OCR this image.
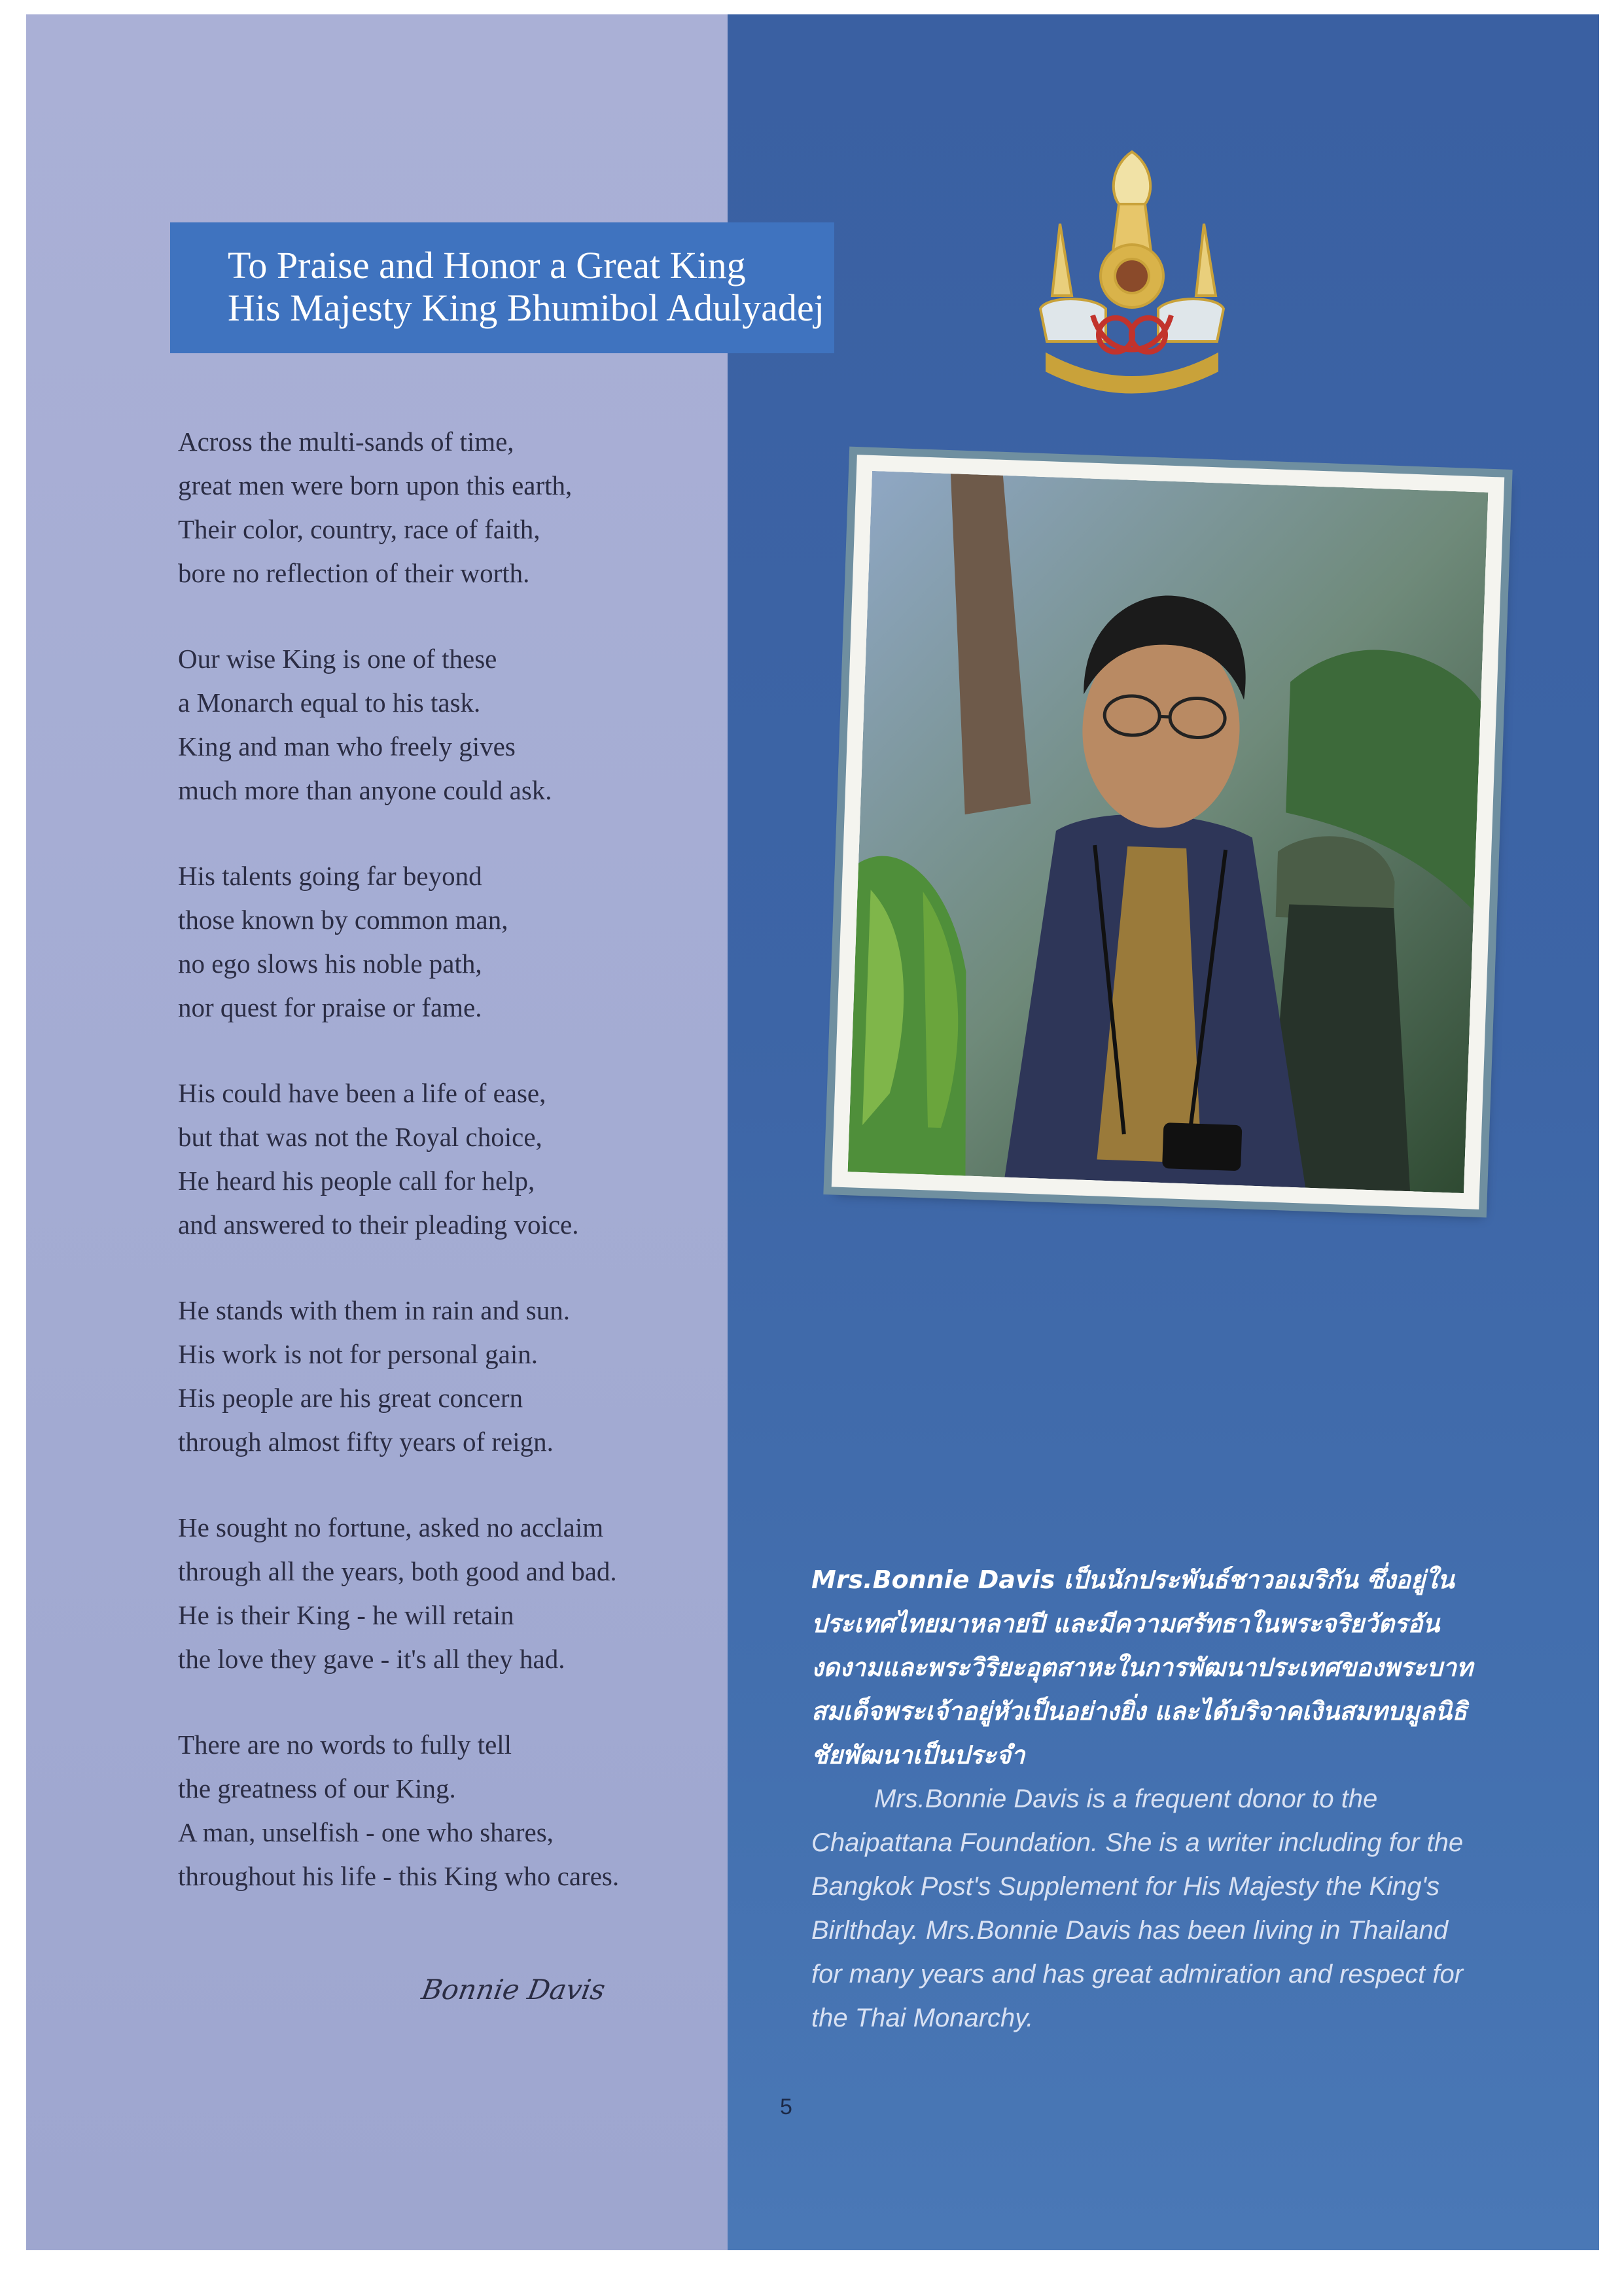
To Praise and Honor a Great King
His Majesty King Bhumibol Adulyadej
Across the multi-sands of time,
great men were born upon this earth,
Their color, country, race of faith,
bore no reflection of their worth.
Our wise King is one of these
a Monarch equal to his task.
King and man who freely gives
much more than anyone could ask.
His talents going far beyond
those known by common man,
no ego slows his noble path,
nor quest for praise or fame.
His could have been a life of ease,
but that was not the Royal choice,
He heard his people call for help,
and answered to their pleading voice.
He stands with them in rain and sun.
His work is not for personal gain.
His people are his great concern
through almost fifty years of reign.
He sought no fortune, asked no acclaim
through all the years, both good and bad.
He is their King - he will retain
the love they gave - it's all they had.
There are no words to fully tell
the greatness of our King.
A man, unselfish - one who shares,
throughout his life - this King who cares.
Bonnie Davis

Mrs.Bonnie Davis เป็นนักประพันธ์ชาวอเมริกัน ซึ่งอยู่ในประเทศไทยมาหลายปี และมีความศรัทธาในพระจริยวัตรอันงดงามและพระวิริยะอุตสาหะในการพัฒนาประเทศของพระบาทสมเด็จพระเจ้าอยู่หัวเป็นอย่างยิ่ง และได้บริจาคเงินสมทบมูลนิธิชัยพัฒนาเป็นประจำ

Mrs.Bonnie Davis is a frequent donor to the Chaipattana Foundation. She is a writer including for the Bangkok Post's Supplement for His Majesty the King's Birlthday. Mrs.Bonnie Davis has been living in Thailand for many years and has great admiration and respect for the Thai Monarchy.

5
